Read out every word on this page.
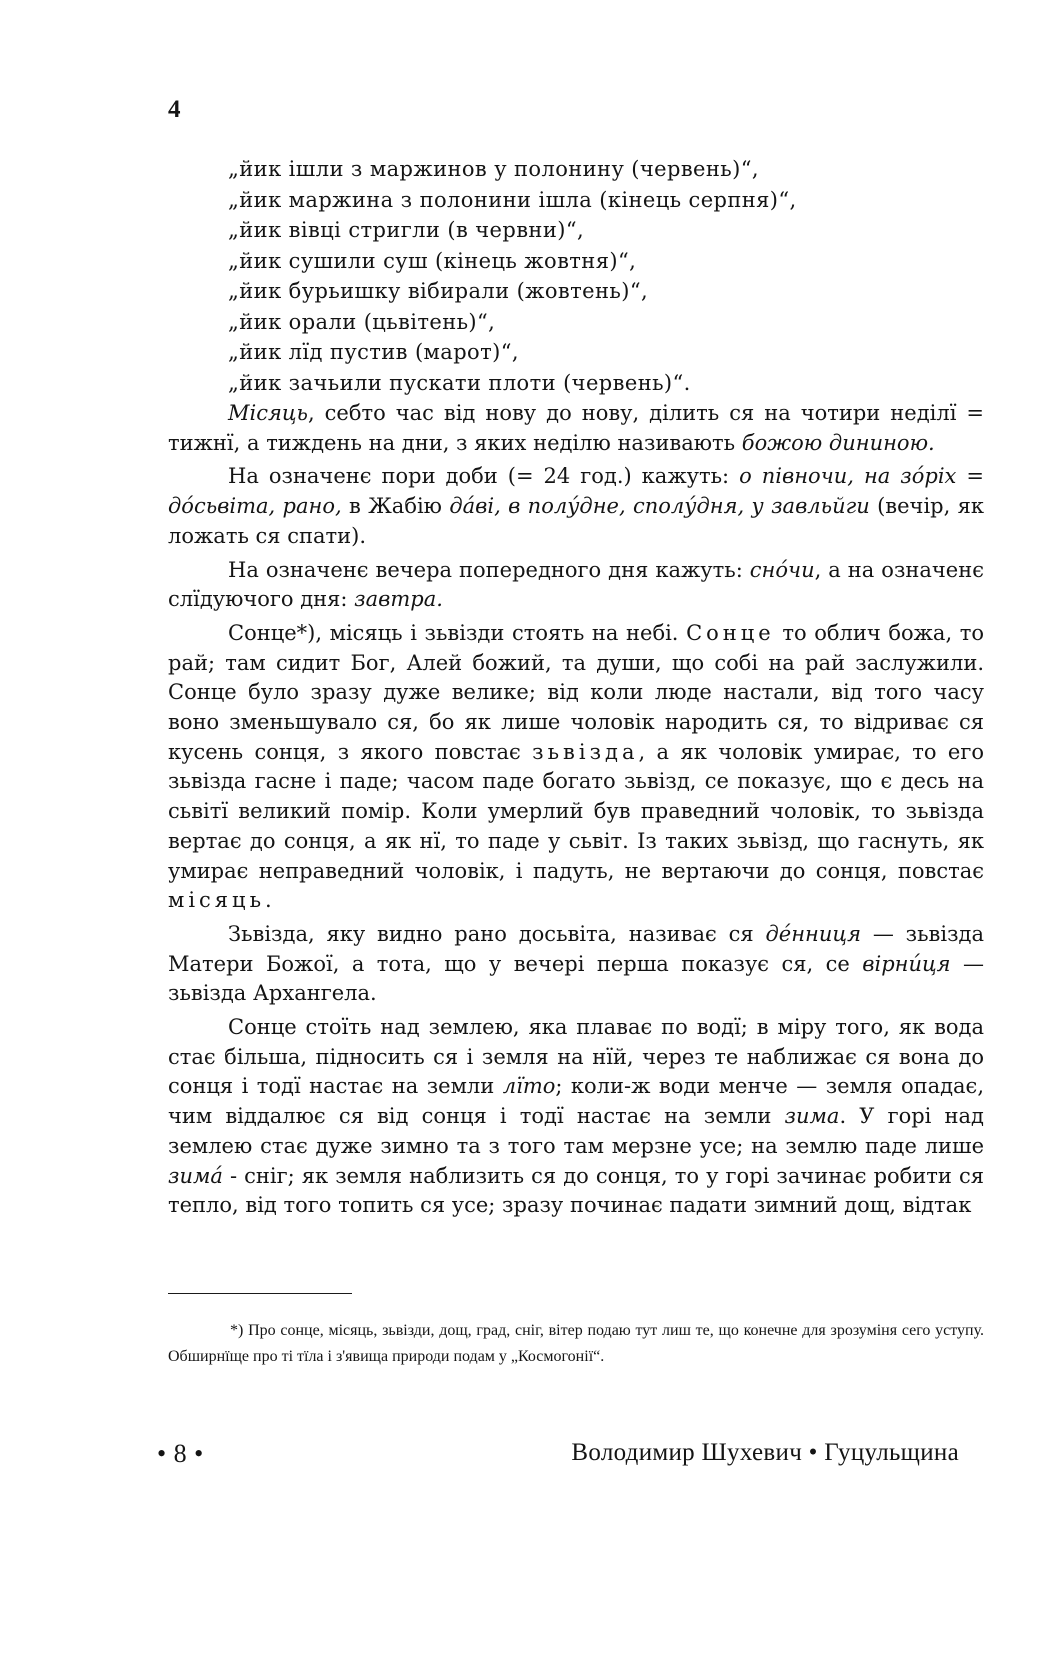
4
„йик ішли з маржинов у полонину (червень)“,
„йик маржина з полонини ішла (кінець серпня)“,
„йик вівці стригли (в червни)“,
„йик сушили суш (кінець жовтня)“,
„йик бурьишку вібирали (жовтень)“,
„йик орали (цьвітень)“,
„йик лїд пустив (марот)“,
„йик зачьили пускати плоти (червень)“.

Місяць, себто час від нову до нову, ділить ся на чотири неділї = тижнї, а тиждень на дни, з яких неділю називають божою дининою.

На означенє пори доби (= 24 год.) кажуть: о півночи, на зо́ріх = до́сьвіта, рано, в Жабію да́ві, в полу́дне, сполу́дня, у завльйги (вечір, як ложать ся спати).

На означенє вечера попередного дня кажуть: сно́чи, а на означенє слїдуючого дня: завтра.

Сонце*), місяць і зьвізди стоять на небі. Сонце то облич божа, то рай; там сидит Бог, Алей божий, та души, що собі на рай заслужили. Сонце було зразу дуже велике; від коли люде настали, від того часу воно зменьшувало ся, бо як лише чоловік народить ся, то відриває ся кусень сонця, з якого повстає зьвізда, а як чоловік умирає, то его зьвізда гасне і паде; часом паде богато зьвізд, се показує, що є десь на сьвітї великий помір. Коли умерлий був праведний чоловік, то зьвізда вертає до сонця, а як нї, то паде у сьвіт. Із таких зьвізд, що гаснуть, як умирає неправедний чоловік, і падуть, не вертаючи до сонця, повстає місяць.

Зьвізда, яку видно рано досьвіта, називає ся де́нниця — зьвізда Матери Божої, а тота, що у вечері перша показує ся, се вірни́ця — зьвізда Архангела.

Сонце стоїть над землею, яка плаває по водї; в міру того, як вода стає більша, підносить ся і земля на нїй, через те наближає ся вона до сонця і тодї настає на земли лїто; коли-ж води менче — земля опадає, чим віддалює ся від сонця і тодї настає на земли зима. У горі над землею стає дуже зимно та з того там мерзне усе; на землю паде лише зима́ - сніг; як земля наблизить ся до сонця, то у горі зачинає робити ся тепло, від того топить ся усе; зразу починає падати зимний дощ, відтак

*) Про сонце, місяць, зьвізди, дощ, град, сніг, вітер подаю тут лиш те, що конечне для зрозуміня сего уступу. Обширнїще про ті тїла і з'явища природи подам у „Космогонії“.
• 8 •	Володимир Шухевич • Гуцульщина
